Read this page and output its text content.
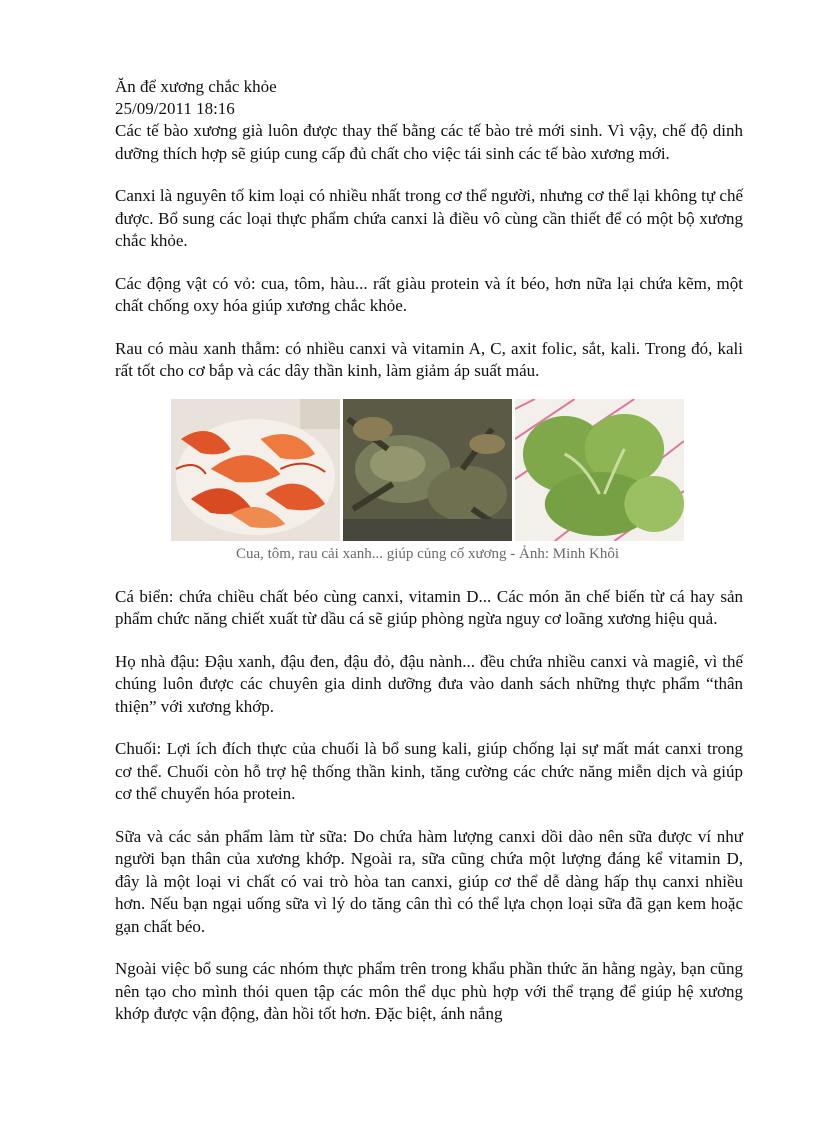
Ăn để xương chắc khỏe

25/09/2011 18:16

Các tế bào xương già luôn được thay thế bằng các tế bào trẻ mới sinh. Vì vậy, chế độ dinh dưỡng thích hợp sẽ giúp cung cấp đủ chất cho việc tái sinh các tế bào xương mới.

Canxi là nguyên tố kim loại có nhiều nhất trong cơ thể người, nhưng cơ thể lại không tự chế được. Bổ sung các loại thực phẩm chứa canxi là điều vô cùng cần thiết để có một bộ xương chắc khỏe.

Các động vật có vỏ: cua, tôm, hàu... rất giàu protein và ít béo, hơn nữa lại chứa kẽm, một chất chống oxy hóa giúp xương chắc khỏe.

Rau có màu xanh thẫm: có nhiều canxi và vitamin A, C, axit folic, sắt, kali. Trong đó, kali rất tốt cho cơ bắp và các dây thần kinh, làm giảm áp suất máu.

Cua, tôm, rau cải xanh... giúp củng cố xương - Ảnh: Minh Khôi

Cá biển: chứa chiều chất béo cùng canxi, vitamin D... Các món ăn chế biến từ cá hay sản phẩm chức năng chiết xuất từ dầu cá sẽ giúp phòng ngừa nguy cơ loãng xương hiệu quả.

Họ nhà đậu: Đậu xanh, đậu đen, đậu đỏ, đậu nành... đều chứa nhiều canxi và magiê, vì thế chúng luôn được các chuyên gia dinh dưỡng đưa vào danh sách những thực phẩm “thân thiện” với xương khớp.

Chuối: Lợi ích đích thực của chuối là bổ sung kali, giúp chống lại sự mất mát canxi trong cơ thể. Chuối còn hỗ trợ hệ thống thần kinh, tăng cường các chức năng miễn dịch và giúp cơ thể chuyển hóa protein.

Sữa và các sản phẩm làm từ sữa: Do chứa hàm lượng canxi dồi dào nên sữa được ví như người bạn thân của xương khớp. Ngoài ra, sữa cũng chứa một lượng đáng kể vitamin D, đây là một loại vi chất có vai trò hòa tan canxi, giúp cơ thể dễ dàng hấp thụ canxi nhiều hơn. Nếu bạn ngại uống sữa vì lý do tăng cân thì có thể lựa chọn loại sữa đã gạn kem hoặc gạn chất béo.

Ngoài việc bổ sung các nhóm thực phẩm trên trong khẩu phần thức ăn hằng ngày, bạn cũng nên tạo cho mình thói quen tập các môn thể dục phù hợp với thể trạng để giúp hệ xương khớp được vận động, đàn hồi tốt hơn. Đặc biệt, ánh nắng
